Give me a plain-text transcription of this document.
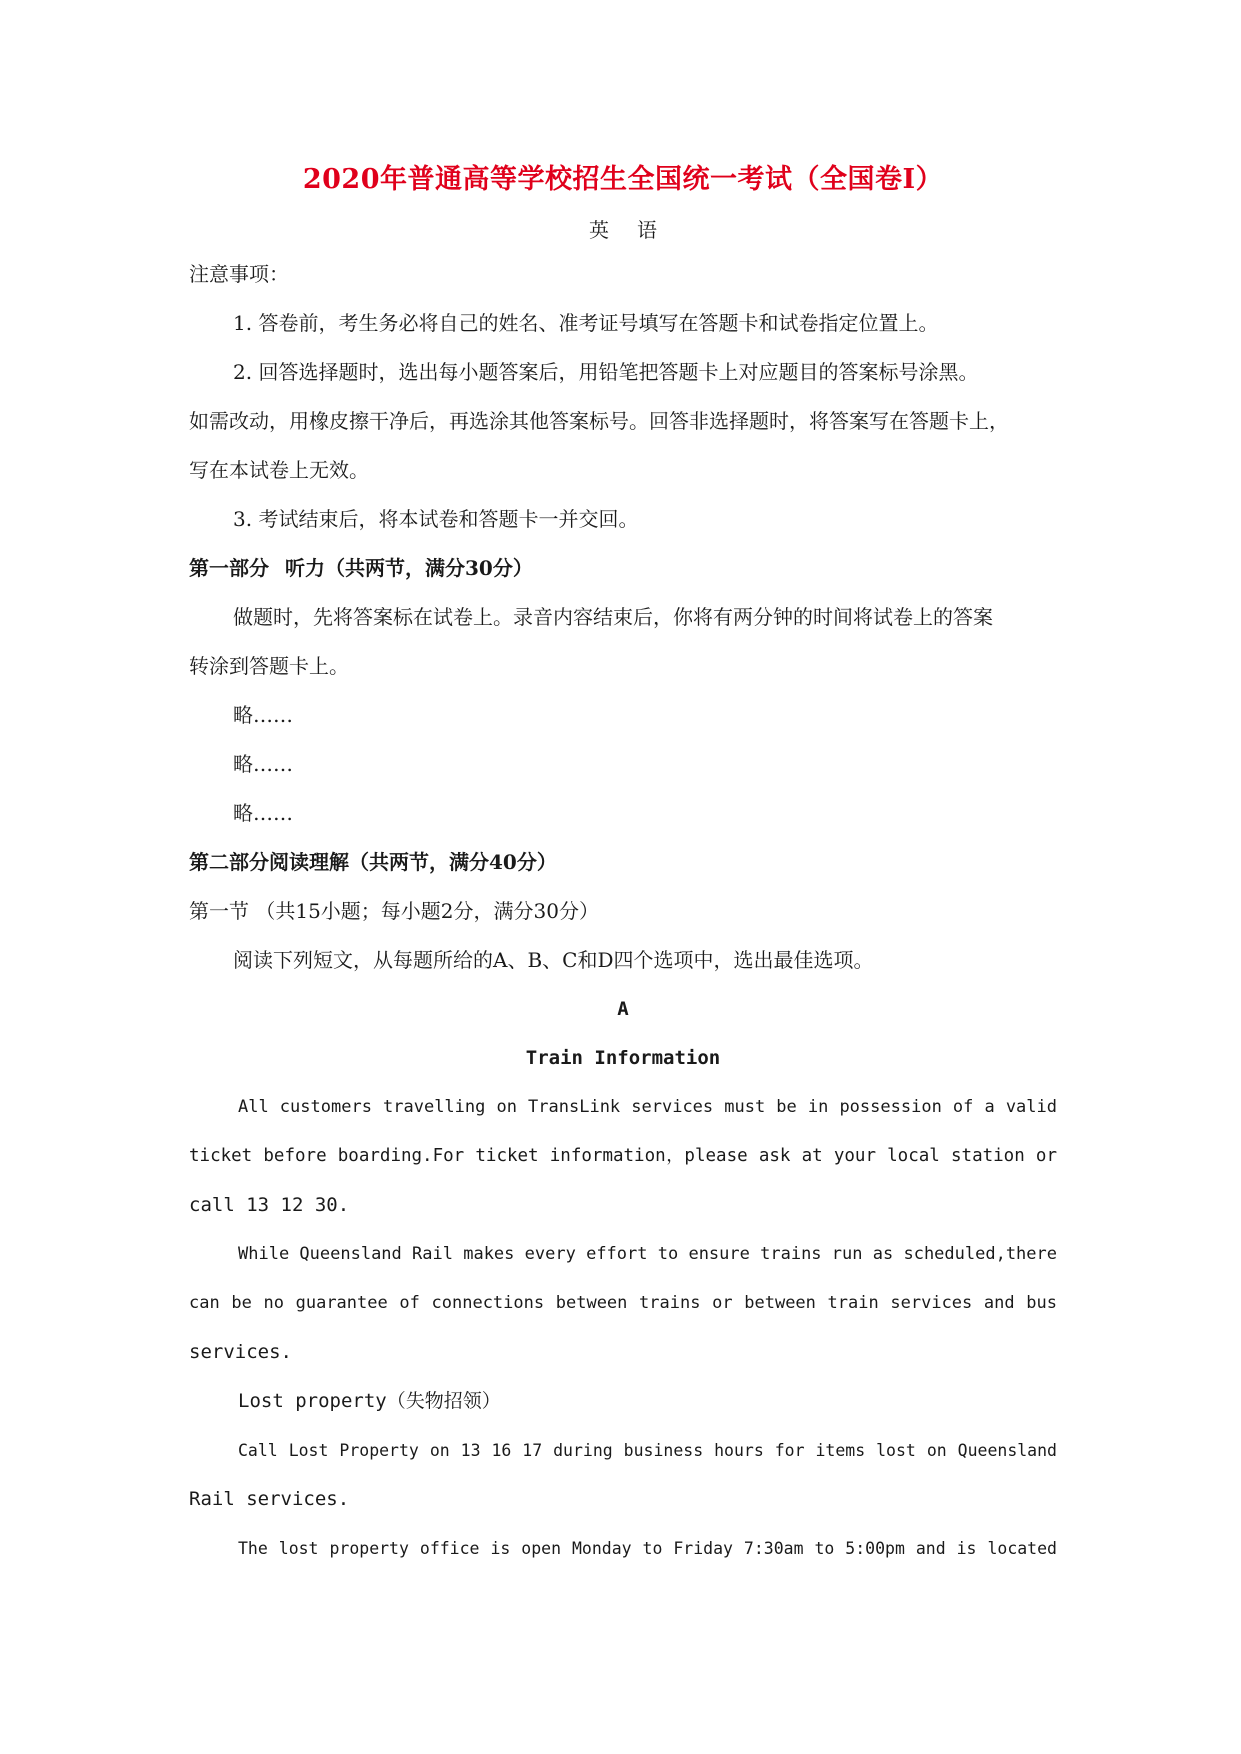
2020年普通高等学校招生全国统一考试（全国卷I）
英语

注意事项：

1. 答卷前，考生务必将自己的姓名、准考证号填写在答题卡和试卷指定位置上。

2. 回答选择题时，选出每小题答案后，用铅笔把答题卡上对应题目的答案标号涂黑。

如需改动，用橡皮擦干净后，再选涂其他答案标号。回答非选择题时，将答案写在答题卡上，

写在本试卷上无效。

3. 考试结束后，将本试卷和答题卡一并交回。

第一部分 听力（共两节，满分30分）

做题时，先将答案标在试卷上。录音内容结束后，你将有两分钟的时间将试卷上的答案

转涂到答题卡上。

略……

略……

略……

第二部分阅读理解（共两节，满分40分）

第一节 （共15小题；每小题2分，满分30分）

阅读下列短文，从每题所给的A、B、C和D四个选项中，选出最佳选项。

A

Train Information

All customers travelling on TransLink services must be in possession of a valid

ticket before boarding.For ticket information，please ask at your local station or

call 13 12 30.

While Queensland Rail makes every effort to ensure trains run as scheduled,there

can be no guarantee of connections between trains or between train services and bus

services.

Lost property（失物招领）

Call Lost Property on 13 16 17 during business hours for items lost on Queensland

Rail services.

The lost property office is open Monday to Friday 7:30am to 5:00pm and is located
